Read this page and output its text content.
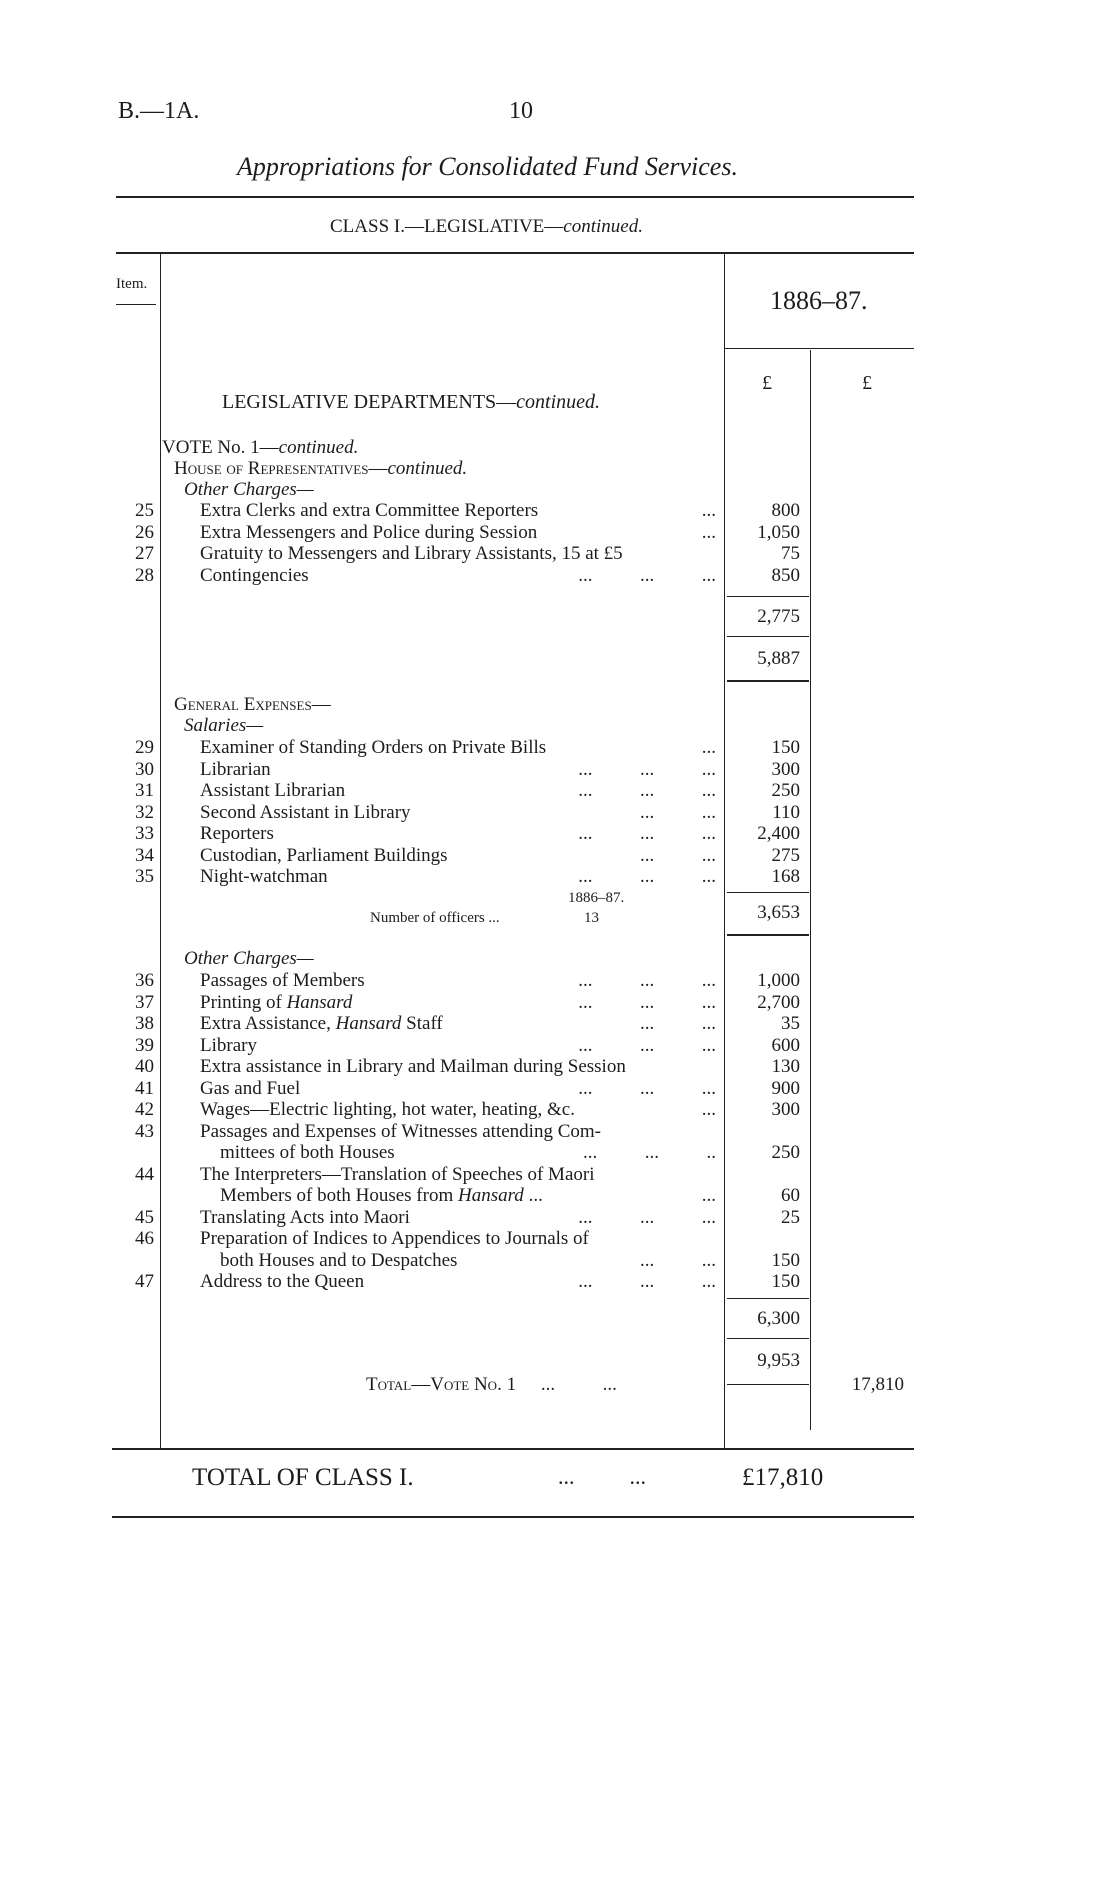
B.—1A.	10
Appropriations for Consolidated Fund Services.
CLASS I.—LEGISLATIVE—continued.
Item.
1886–87.
£	£
LEGISLATIVE DEPARTMENTS—continued.
VOTE No. 1—continued.
House of Representatives—continued.
Other Charges—
25 Extra Clerks and extra Committee Reporters	...	800
26 Extra Messengers and Police during Session	...	1,050
27 Gratuity to Messengers and Library Assistants, 15 at £5	75
28 Contingencies	...          ...          ...	850
2,775
5,887
General Expenses—
Salaries—
29 Examiner of Standing Orders on Private Bills	...	150
30 Librarian	...          ...          ...	300
31 Assistant Librarian	...          ...          ...	250
32 Second Assistant in Library	...          ...	110
33 Reporters	...          ...          ...	2,400
34 Custodian, Parliament Buildings	...          ...	275
35 Night-watchman	...          ...          ...	168
1886–87.
Number of officers ...	13	3,653
Other Charges—
36 Passages of Members	...          ...          ...	1,000
37 Printing of Hansard	...          ...          ...	2,700
38 Extra Assistance, Hansard Staff	...          ...	35
39 Library	...          ...          ...	600
40 Extra assistance in Library and Mailman during Session	130
41 Gas and Fuel	...          ...          ...	900
42 Wages—Electric lighting, hot water, heating, &c.	...	300
43 Passages and Expenses of Witnesses attending Com-
mittees of both Houses	...          ...          ..	250
44 The Interpreters—Translation of Speeches of Maori
Members of both Houses from Hansard ...	...	60
45 Translating Acts into Maori	...          ...          ...	25
46 Preparation of Indices to Appendices to Journals of
both Houses and to Despatches	...          ...	150
47 Address to the Queen	...          ...          ...	150
6,300
9,953
Total—Vote No. 1 ...          ...	17,810
TOTAL OF CLASS I.	...          ...	£17,810
